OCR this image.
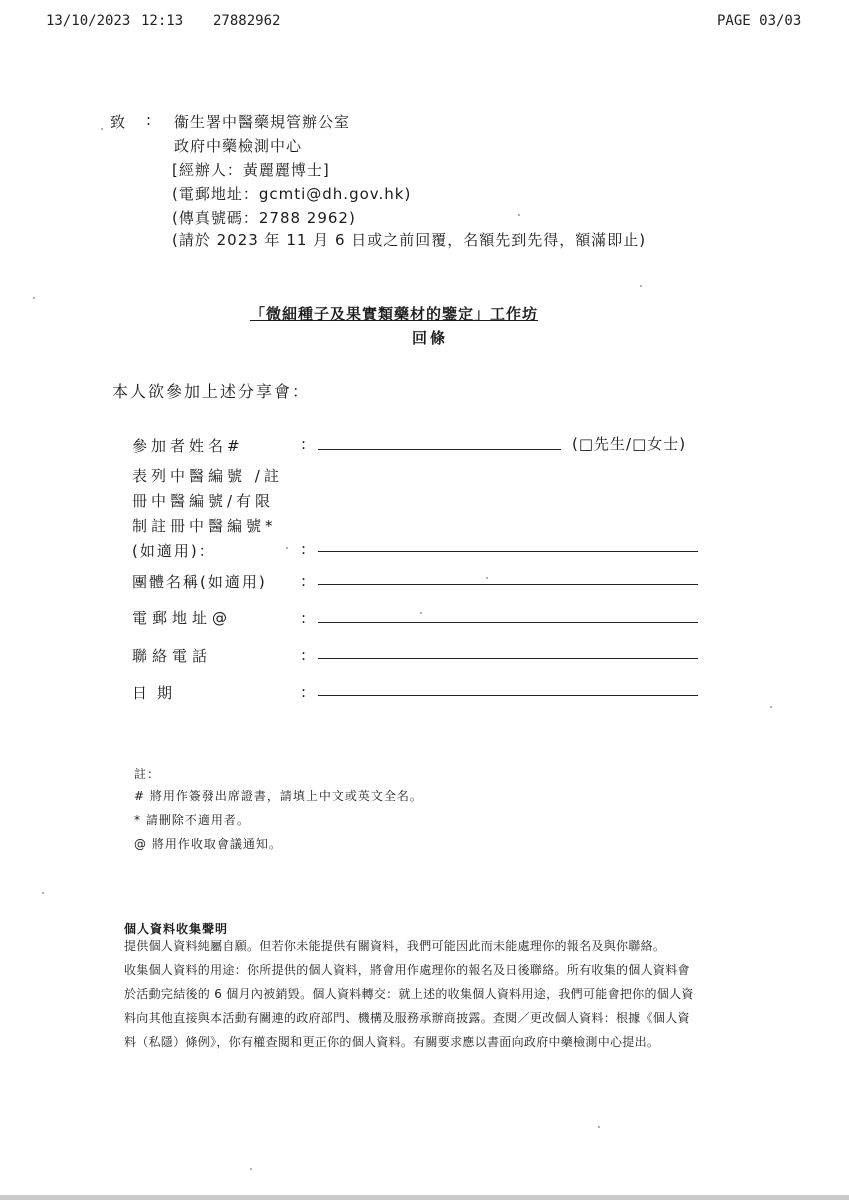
13/10/2023 12:13 27882962	PAGE 03/03
致 : 衞生署中醫藥規管辦公室
政府中藥檢測中心
[經辦人：黃麗麗博士]
(電郵地址：gcmti@dh.gov.hk)
(傳真號碼：2788 2962)
(請於 2023 年 11 月 6 日或之前回覆，名額先到先得，額滿即止)
「微細種子及果實類藥材的鑒定」工作坊
回條
本人欲參加上述分享會：
參加者姓名#	:	(□先生/□女士)
表列中醫編號 /註
冊中醫編號/有限
制註冊中醫編號*
(如適用)：	:
團體名稱(如適用) :
電郵地址@	:
聯絡電話	:
日期	:
註：
# 將用作簽發出席證書，請填上中文或英文全名。
* 請刪除不適用者。
@ 將用作收取會議通知。
個人資料收集聲明
提供個人資料純屬自願。但若你未能提供有關資料，我們可能因此而未能處理你的報名及與你聯絡。
收集個人資料的用途：你所提供的個人資料，將會用作處理你的報名及日後聯絡。所有收集的個人資料會
於活動完結後的 6 個月內被銷毀。個人資料轉交：就上述的收集個人資料用途，我們可能會把你的個人資
料向其他直接與本活動有關連的政府部門、機構及服務承辦商披露。查閱／更改個人資料：根據《個人資
料（私隱）條例》，你有權查閱和更正你的個人資料。有關要求應以書面向政府中藥檢測中心提出。
